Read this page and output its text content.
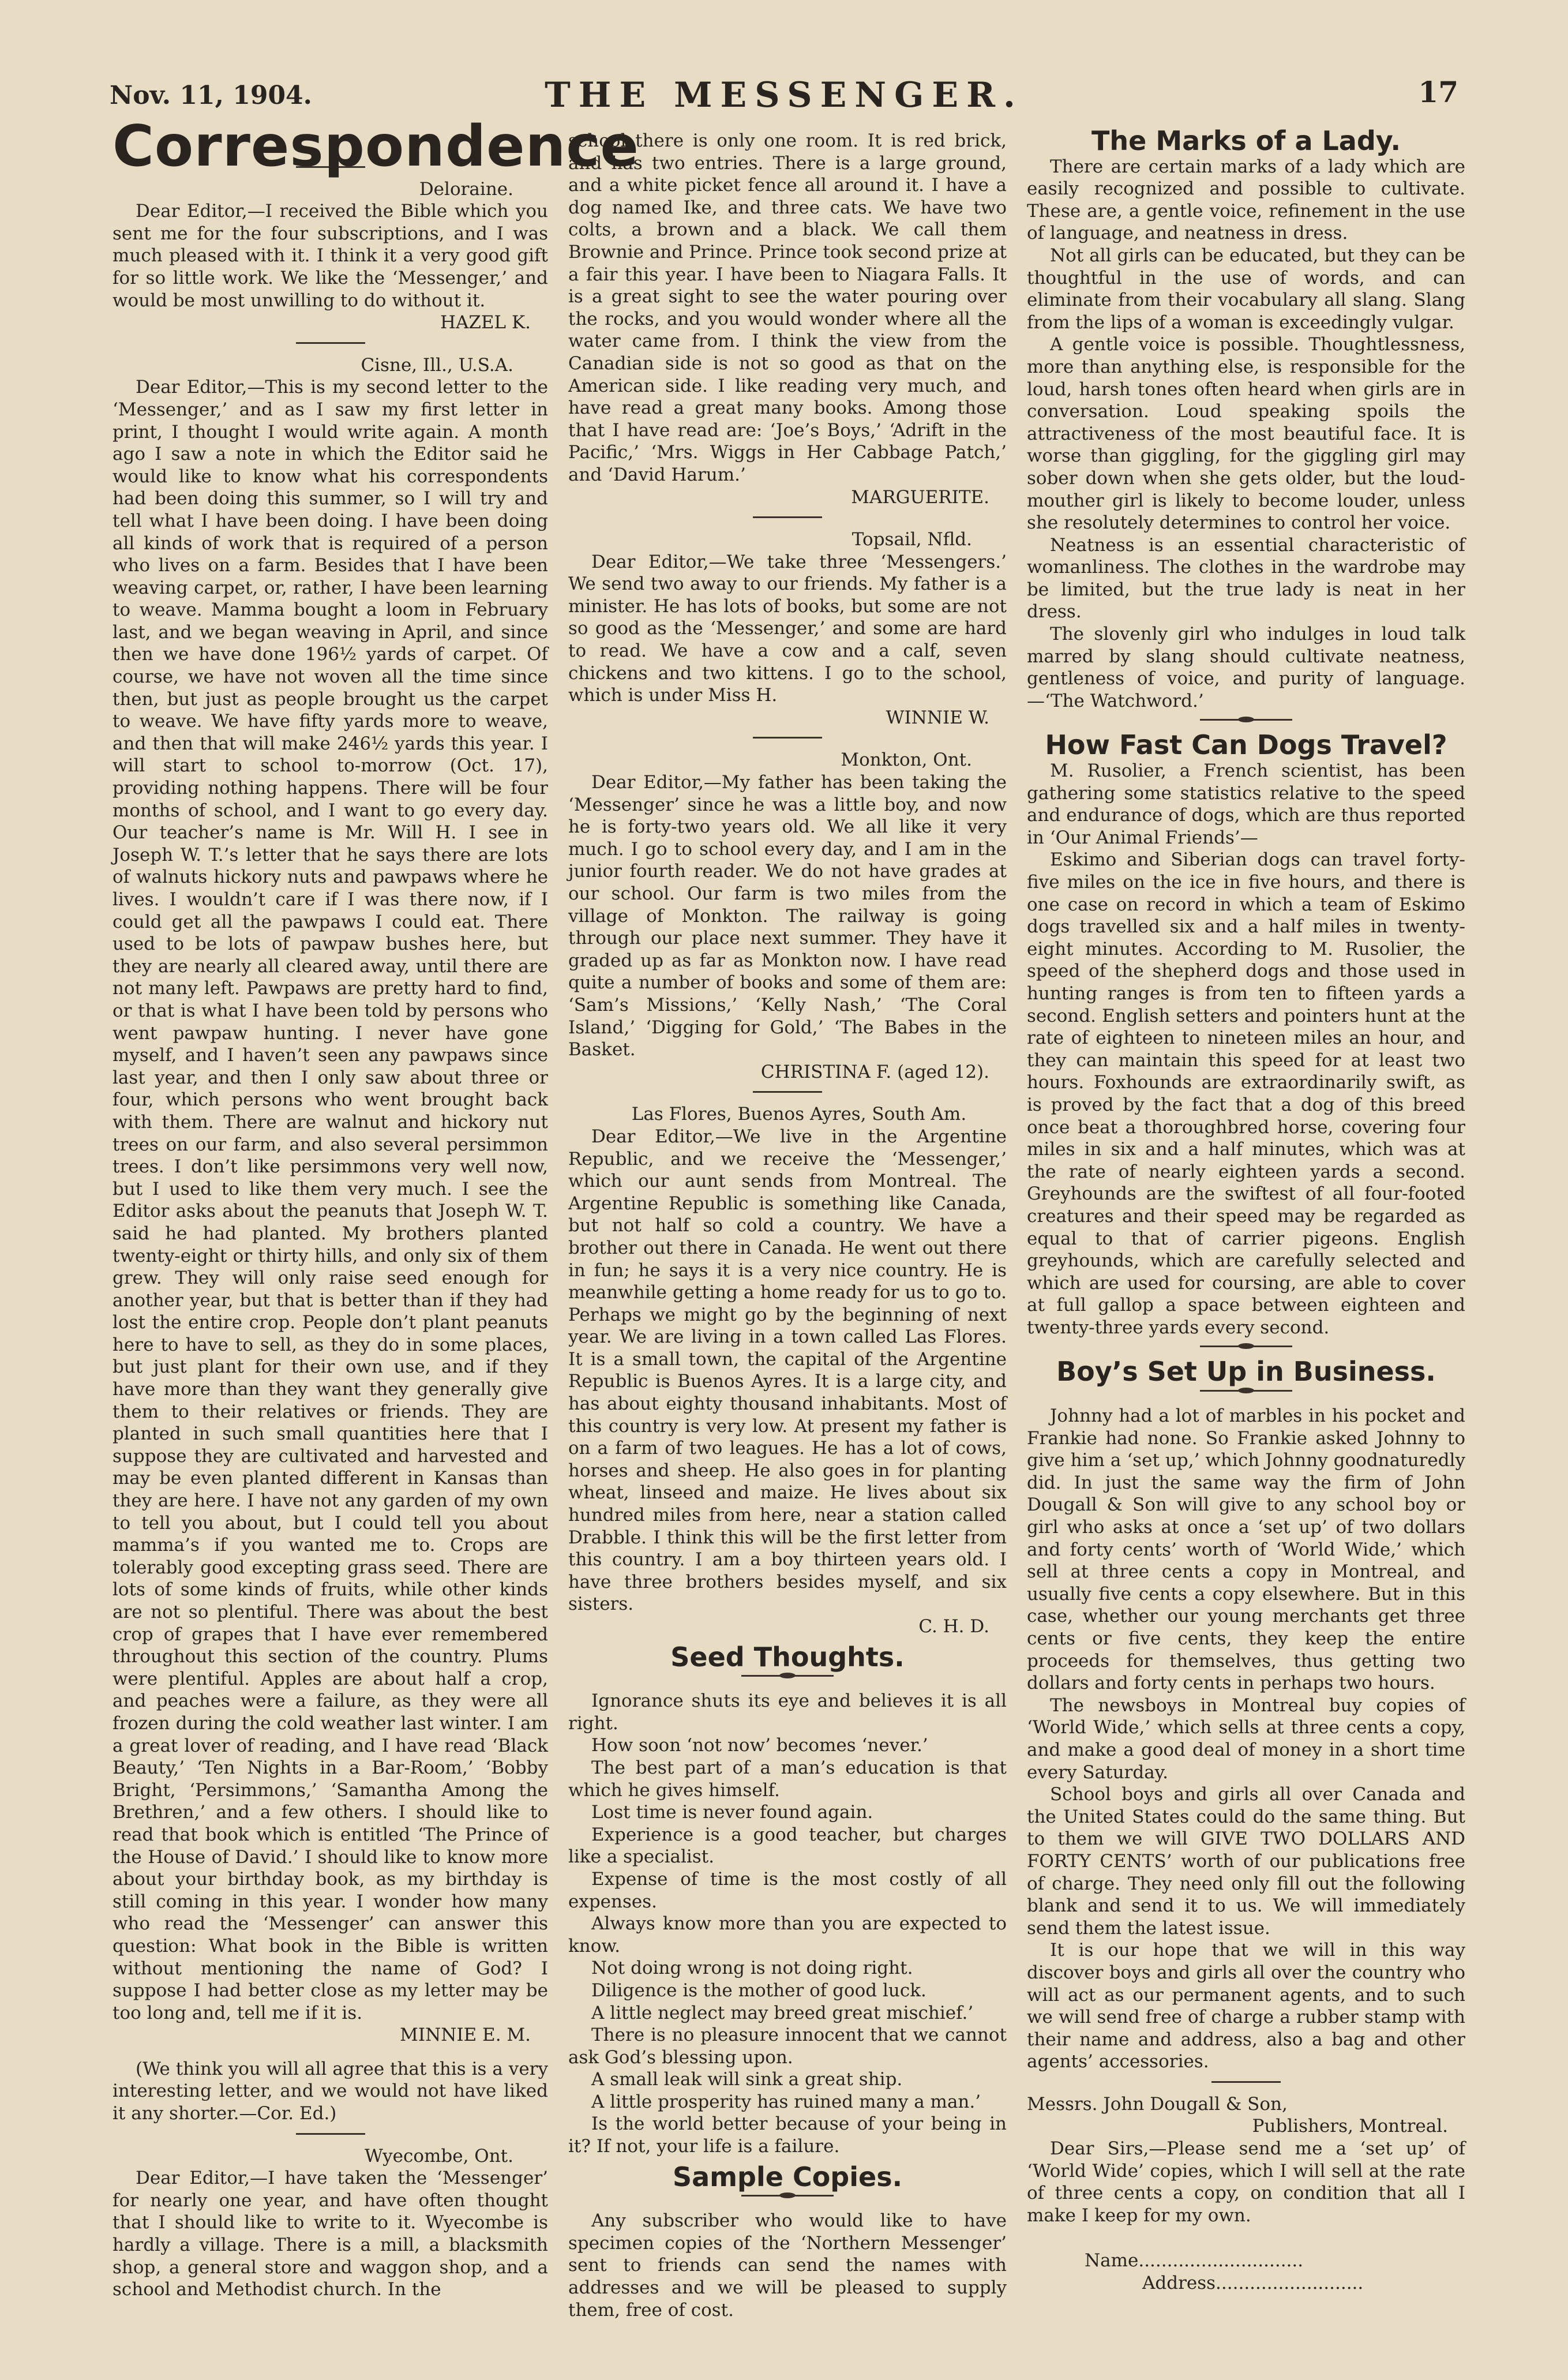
Nov. 11, 1904.	THE MESSENGER.	17
Correspondence

Deloraine.

Dear Editor,—I received the Bible which you sent me for the four subscriptions, and I was much pleased with it. I think it a very good gift for so little work. We like the ‘Messenger,’ and would be most unwilling to do without it.

HAZEL K.

Cisne, Ill., U.S.A.

Dear Editor,—This is my second letter to the ‘Messenger,’ and as I saw my first letter in print, I thought I would write again. A month ago I saw a note in which the Editor said he would like to know what his correspondents had been doing this summer, so I will try and tell what I have been doing. I have been doing all kinds of work that is required of a person who lives on a farm. Besides that I have been weaving carpet, or, rather, I have been learning to weave. Mamma bought a loom in February last, and we began weaving in April, and since then we have done 196½ yards of carpet. Of course, we have not woven all the time since then, but just as people brought us the carpet to weave. We have fifty yards more to weave, and then that will make 246½ yards this year. I will start to school to-morrow (Oct. 17), providing nothing happens. There will be four months of school, and I want to go every day. Our teacher’s name is Mr. Will H. I see in Joseph W. T.’s letter that he says there are lots of walnuts hickory nuts and pawpaws where he lives. I wouldn’t care if I was there now, if I could get all the pawpaws I could eat. There used to be lots of pawpaw bushes here, but they are nearly all cleared away, until there are not many left. Pawpaws are pretty hard to find, or that is what I have been told by persons who went pawpaw hunting. I never have gone myself, and I haven’t seen any pawpaws since last year, and then I only saw about three or four, which persons who went brought back with them. There are walnut and hickory nut trees on our farm, and also several persimmon trees. I don’t like persimmons very well now, but I used to like them very much. I see the Editor asks about the peanuts that Joseph W. T. said he had planted. My brothers planted twenty-eight or thirty hills, and only six of them grew. They will only raise seed enough for another year, but that is better than if they had lost the entire crop. People don’t plant peanuts here to have to sell, as they do in some places, but just plant for their own use, and if they have more than they want they generally give them to their relatives or friends. They are planted in such small quantities here that I suppose they are cultivated and harvested and may be even planted different in Kansas than they are here. I have not any garden of my own to tell you about, but I could tell you about mamma’s if you wanted me to. Crops are tolerably good excepting grass seed. There are lots of some kinds of fruits, while other kinds are not so plentiful. There was about the best crop of grapes that I have ever remembered throughout this section of the country. Plums were plentiful. Apples are about half a crop, and peaches were a failure, as they were all frozen during the cold weather last winter. I am a great lover of reading, and I have read ‘Black Beauty,’ ‘Ten Nights in a Bar-Room,’ ‘Bobby Bright, ‘Persimmons,’ ‘Samantha Among the Brethren,’ and a few others. I should like to read that book which is entitled ‘The Prince of the House of David.’ I should like to know more about your birthday book, as my birthday is still coming in this year. I wonder how many who read the ‘Messenger’ can answer this question: What book in the Bible is written without mentioning the name of God? I suppose I had better close as my letter may be too long and, tell me if it is.

MINNIE E. M.

(We think you will all agree that this is a very interesting letter, and we would not have liked it any shorter.—Cor. Ed.)

Wyecombe, Ont.

Dear Editor,—I have taken the ‘Messenger’ for nearly one year, and have often thought that I should like to write to it. Wyecombe is hardly a village. There is a mill, a blacksmith shop, a general store and waggon shop, and a school and Methodist church. In the

school there is only one room. It is red brick, and has two entries. There is a large ground, and a white picket fence all around it. I have a dog named Ike, and three cats. We have two colts, a brown and a black. We call them Brownie and Prince. Prince took second prize at a fair this year. I have been to Niagara Falls. It is a great sight to see the water pouring over the rocks, and you would wonder where all the water came from. I think the view from the Canadian side is not so good as that on the American side. I like reading very much, and have read a great many books. Among those that I have read are: ‘Joe’s Boys,’ ‘Adrift in the Pacific,’ ‘Mrs. Wiggs in Her Cabbage Patch,’ and ‘David Harum.’

MARGUERITE.

Topsail, Nfld.

Dear Editor,—We take three ‘Messengers.’ We send two away to our friends. My father is a minister. He has lots of books, but some are not so good as the ‘Messenger,’ and some are hard to read. We have a cow and a calf, seven chickens and two kittens. I go to the school, which is under Miss H.

WINNIE W.

Monkton, Ont.

Dear Editor,—My father has been taking the ‘Messenger’ since he was a little boy, and now he is forty-two years old. We all like it very much. I go to school every day, and I am in the junior fourth reader. We do not have grades at our school. Our farm is two miles from the village of Monkton. The railway is going through our place next summer. They have it graded up as far as Monkton now. I have read quite a number of books and some of them are: ‘Sam’s Missions,’ ‘Kelly Nash,’ ‘The Coral Island,’ ‘Digging for Gold,’ ‘The Babes in the Basket.

CHRISTINA F. (aged 12).

Las Flores, Buenos Ayres, South Am.

Dear Editor,—We live in the Argentine Republic, and we receive the ‘Messenger,’ which our aunt sends from Montreal. The Argentine Republic is something like Canada, but not half so cold a country. We have a brother out there in Canada. He went out there in fun; he says it is a very nice country. He is meanwhile getting a home ready for us to go to. Perhaps we might go by the beginning of next year. We are living in a town called Las Flores. It is a small town, the capital of the Argentine Republic is Buenos Ayres. It is a large city, and has about eighty thousand inhabitants. Most of this country is very low. At present my father is on a farm of two leagues. He has a lot of cows, horses and sheep. He also goes in for planting wheat, linseed and maize. He lives about six hundred miles from here, near a station called Drabble. I think this will be the first letter from this country. I am a boy thirteen years old. I have three brothers besides myself, and six sisters.

C. H. D.

Seed Thoughts.

Ignorance shuts its eye and believes it is all right.

How soon ‘not now’ becomes ‘never.’

The best part of a man’s education is that which he gives himself.

Lost time is never found again.

Experience is a good teacher, but charges like a specialist.

Expense of time is the most costly of all expenses.

Always know more than you are expected to know.

Not doing wrong is not doing right.

Diligence is the mother of good luck.

A little neglect may breed great mischief.’

There is no pleasure innocent that we cannot ask God’s blessing upon.

A small leak will sink a great ship.

A little prosperity has ruined many a man.’

Is the world better because of your being in it? If not, your life is a failure.

Sample Copies.

Any subscriber who would like to have specimen copies of the ‘Northern Messenger’ sent to friends can send the names with addresses and we will be pleased to supply them, free of cost.

The Marks of a Lady.

There are certain marks of a lady which are easily recognized and possible to cultivate. These are, a gentle voice, refinement in the use of language, and neatness in dress.

Not all girls can be educated, but they can be thoughtful in the use of words, and can eliminate from their vocabulary all slang. Slang from the lips of a woman is exceedingly vulgar.

A gentle voice is possible. Thoughtlessness, more than anything else, is responsible for the loud, harsh tones often heard when girls are in conversation. Loud speaking spoils the attractiveness of the most beautiful face. It is worse than giggling, for the giggling girl may sober down when she gets older, but the loud-mouther girl is likely to become louder, unless she resolutely determines to control her voice.

Neatness is an essential characteristic of womanliness. The clothes in the wardrobe may be limited, but the true lady is neat in her dress.

The slovenly girl who indulges in loud talk marred by slang should cultivate neatness, gentleness of voice, and purity of language.—‘The Watchword.’

How Fast Can Dogs Travel?

M. Rusolier, a French scientist, has been gathering some statistics relative to the speed and endurance of dogs, which are thus reported in ‘Our Animal Friends’—

Eskimo and Siberian dogs can travel forty-five miles on the ice in five hours, and there is one case on record in which a team of Eskimo dogs travelled six and a half miles in twenty-eight minutes. According to M. Rusolier, the speed of the shepherd dogs and those used in hunting ranges is from ten to fifteen yards a second. English setters and pointers hunt at the rate of eighteen to nineteen miles an hour, and they can maintain this speed for at least two hours. Foxhounds are extraordinarily swift, as is proved by the fact that a dog of this breed once beat a thoroughbred horse, covering four miles in six and a half minutes, which was at the rate of nearly eighteen yards a second. Greyhounds are the swiftest of all four-footed creatures and their speed may be regarded as equal to that of carrier pigeons. English greyhounds, which are carefully selected and which are used for coursing, are able to cover at full gallop a space between eighteen and twenty-three yards every second.

Boy’s Set Up in Business.

Johnny had a lot of marbles in his pocket and Frankie had none. So Frankie asked Johnny to give him a ‘set up,’ which Johnny goodnaturedly did. In just the same way the firm of John Dougall & Son will give to any school boy or girl who asks at once a ‘set up’ of two dollars and forty cents’ worth of ‘World Wide,’ which sell at three cents a copy in Montreal, and usually five cents a copy elsewhere. But in this case, whether our young merchants get three cents or five cents, they keep the entire proceeds for themselves, thus getting two dollars and forty cents in perhaps two hours.

The newsboys in Montreal buy copies of ‘World Wide,’ which sells at three cents a copy, and make a good deal of money in a short time every Saturday.

School boys and girls all over Canada and the United States could do the same thing. But to them we will GIVE TWO DOLLARS AND FORTY CENTS’ worth of our publications free of charge. They need only fill out the following blank and send it to us. We will immediately send them the latest issue.

It is our hope that we will in this way discover boys and girls all over the country who will act as our permanent agents, and to such we will send free of charge a rubber stamp with their name and address, also a bag and other agents’ accessories.

Messrs. John Dougall & Son,

Publishers, Montreal.

Dear Sirs,—Please send me a ‘set up’ of ‘World Wide’ copies, which I will sell at the rate of three cents a copy, on condition that all I make I keep for my own.

Name.............................

Address..........................
